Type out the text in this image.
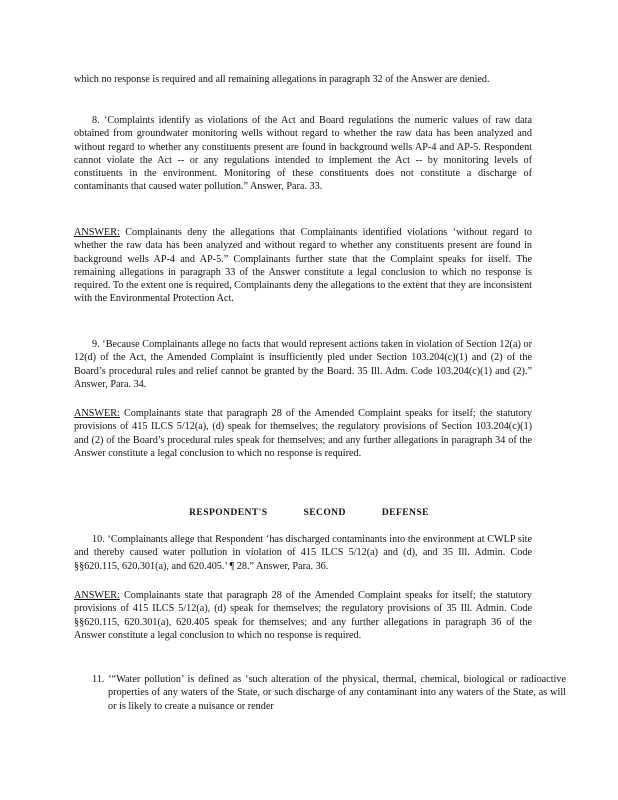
which no response is required and all remaining allegations in paragraph 32 of the Answer are denied.
8. ‘Complaints identify as violations of the Act and Board regulations the numeric values of raw data obtained from groundwater monitoring wells without regard to whether the raw data has been analyzed and without regard to whether any constituents present are found in background wells AP-4 and AP-5. Respondent cannot violate the Act -- or any regulations intended to implement the Act -- by monitoring levels of constituents in the environment. Monitoring of these constituents does not constitute a discharge of contaminants that caused water pollution.” Answer, Para. 33.
ANSWER: Complainants deny the allegations that Complainants identified violations ‘without regard to whether the raw data has been analyzed and without regard to whether any constituents present are found in background wells AP-4 and AP-5.” Complainants further state that the Complaint speaks for itself. The remaining allegations in paragraph 33 of the Answer constitute a legal conclusion to which no response is required. To the extent one is required, Complainants deny the allegations to the extent that they are inconsistent with the Environmental Protection Act.
9. ‘Because Complainants allege no facts that would represent actions taken in violation of Section 12(a) or 12(d) of the Act, the Amended Complaint is insufficiently pled under Section 103.204(c)(1) and (2) of the Board’s procedural rules and relief cannot be granted by the Board. 35 Ill. Adm. Code 103.204(c)(1) and (2).” Answer, Para. 34.
ANSWER: Complainants state that paragraph 28 of the Amended Complaint speaks for itself; the statutory provisions of 415 ILCS 5/12(a), (d) speak for themselves; the regulatory provisions of Section 103.204(c)(1) and (2) of the Board’s procedural rules speak for themselves; and any further allegations in paragraph 34 of the Answer constitute a legal conclusion to which no response is required.
RESPONDENT'S	SECOND	DEFENSE
10. ‘Complainants allege that Respondent ‘has discharged contaminants into the environment at CWLP site and thereby caused water pollution in violation of 415 ILCS 5/12(a) and (d), and 35 Ill. Admin. Code §§620.115, 620.301(a), and 620.405.’ ¶ 28.” Answer, Para. 36.
ANSWER: Complainants state that paragraph 28 of the Amended Complaint speaks for itself; the statutory provisions of 415 ILCS 5/12(a), (d) speak for themselves; the regulatory provisions of 35 Ill. Admin. Code §§620.115, 620.301(a), 620.405 speak for themselves; and any further allegations in paragraph 36 of the Answer constitute a legal conclusion to which no response is required.
11. ‘“Water pollution’ is defined as ‘such alteration of the physical, thermal, chemical, biological or radioactive properties of any waters of the State, or such discharge of any contaminant into any waters of the State, as will or is likely to create a nuisance or render
